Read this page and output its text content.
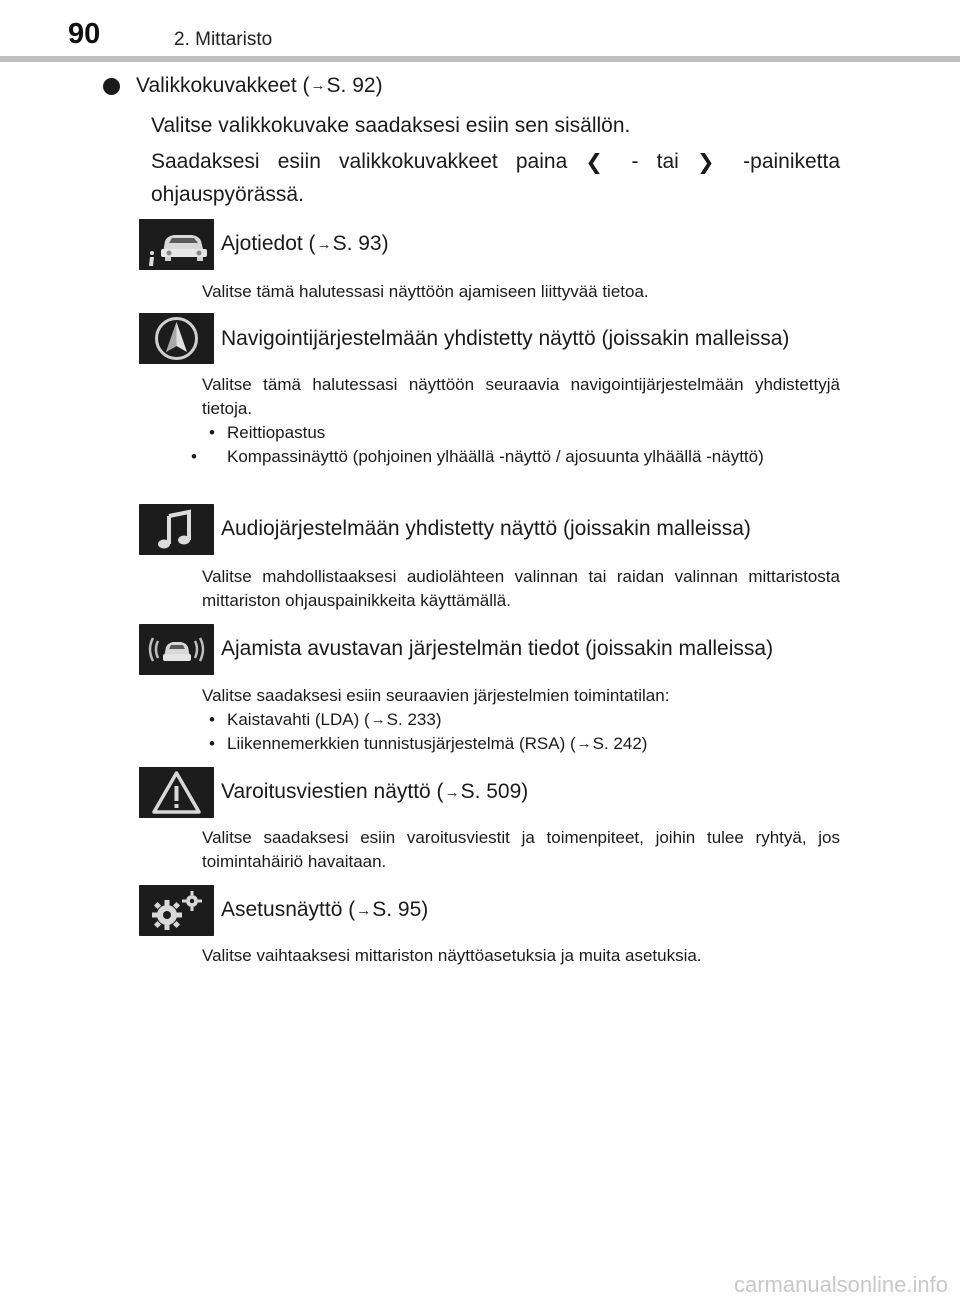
90	2. Mittaristo
Valikkokuvakkeet ( → S. 92)
Valitse valikkokuvake saadaksesi esiin sen sisällön.
Saadaksesi esiin valikkokuvakkeet paina ❮ - tai ❯ -painiketta ohjauspyörässä.
Ajotiedot (→S. 93)
Valitse tämä halutessasi näyttöön ajamiseen liittyvää tietoa.
Navigointijärjestelmään yhdistetty näyttö (joissakin malleissa)
Valitse tämä halutessasi näyttöön seuraavia navigointijärjestelmään yhdistettyjä tietoja.
• Reittiopastus
• Kompassinäyttö (pohjoinen ylhäällä -näyttö / ajosuunta ylhäällä -näyttö)
Audiojärjestelmään yhdistetty näyttö (joissakin malleissa)
Valitse mahdollistaaksesi audiolähteen valinnan tai raidan valinnan mittaristosta mittariston ohjauspainikkeita käyttämällä.
Ajamista avustavan järjestelmän tiedot (joissakin malleissa)
Valitse saadaksesi esiin seuraavien järjestelmien toimintatilan:
• Kaistavahti (LDA) (→S. 233)
• Liikennemerkkien tunnistusjärjestelmä (RSA) (→S. 242)
Varoitusviestien näyttö (→S. 509)
Valitse saadaksesi esiin varoitusviestit ja toimenpiteet, joihin tulee ryhtyä, jos toimintahäiriö havaitaan.
Asetusnäyttö (→S. 95)
Valitse vaihtaaksesi mittariston näyttöasetuksia ja muita asetuksia.
carmanualsonline.info
